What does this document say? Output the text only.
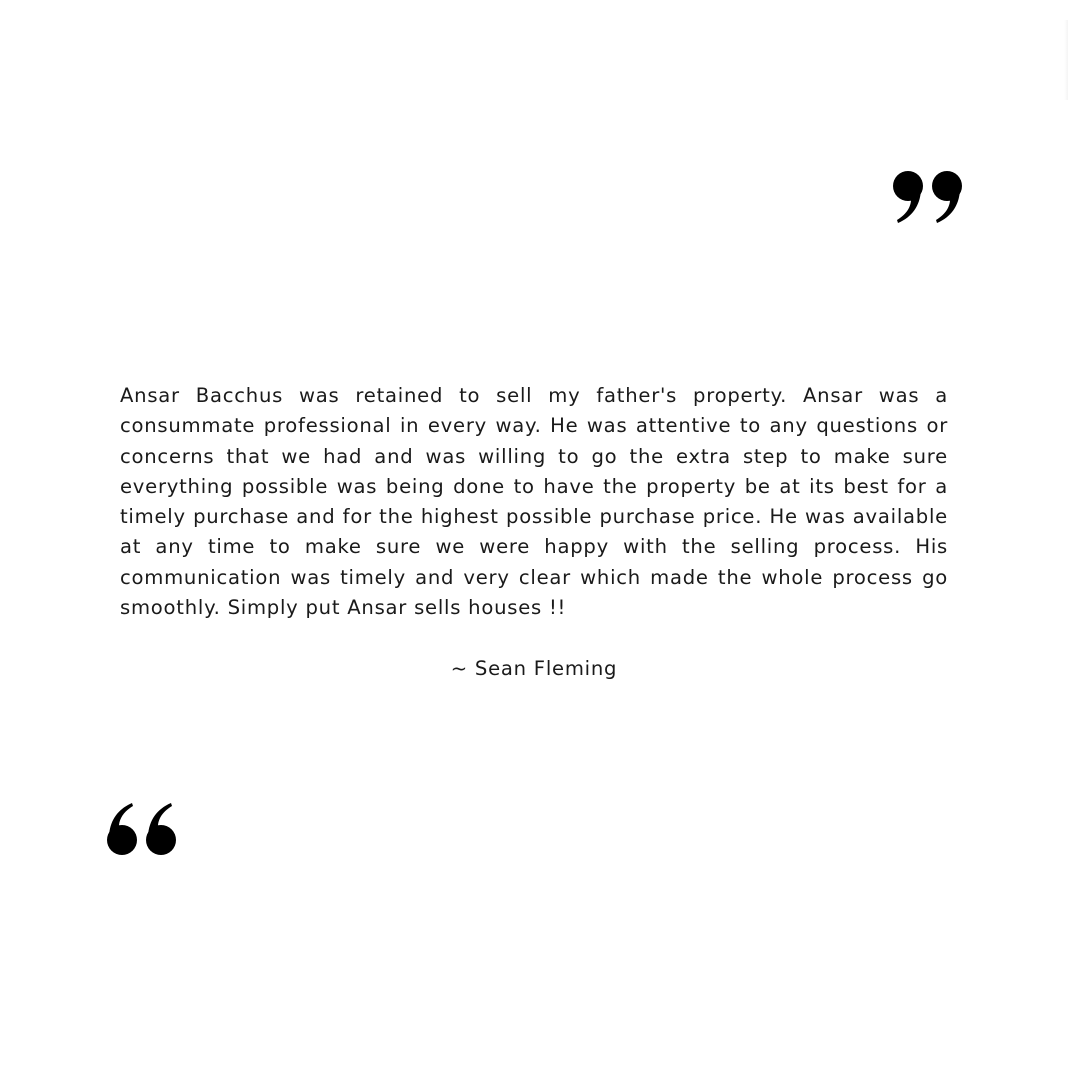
Ansar Bacchus was retained to sell my father's property. Ansar was a consummate professional in every way. He was attentive to any questions or concerns that we had and was willing to go the extra step to make sure everything possible was being done to have the property be at its best for a timely purchase and for the highest possible purchase price. He was available at any time to make sure we were happy with the selling process. His communication was timely and very clear which made the whole process go smoothly. Simply put Ansar sells houses !!

~ Sean Fleming
